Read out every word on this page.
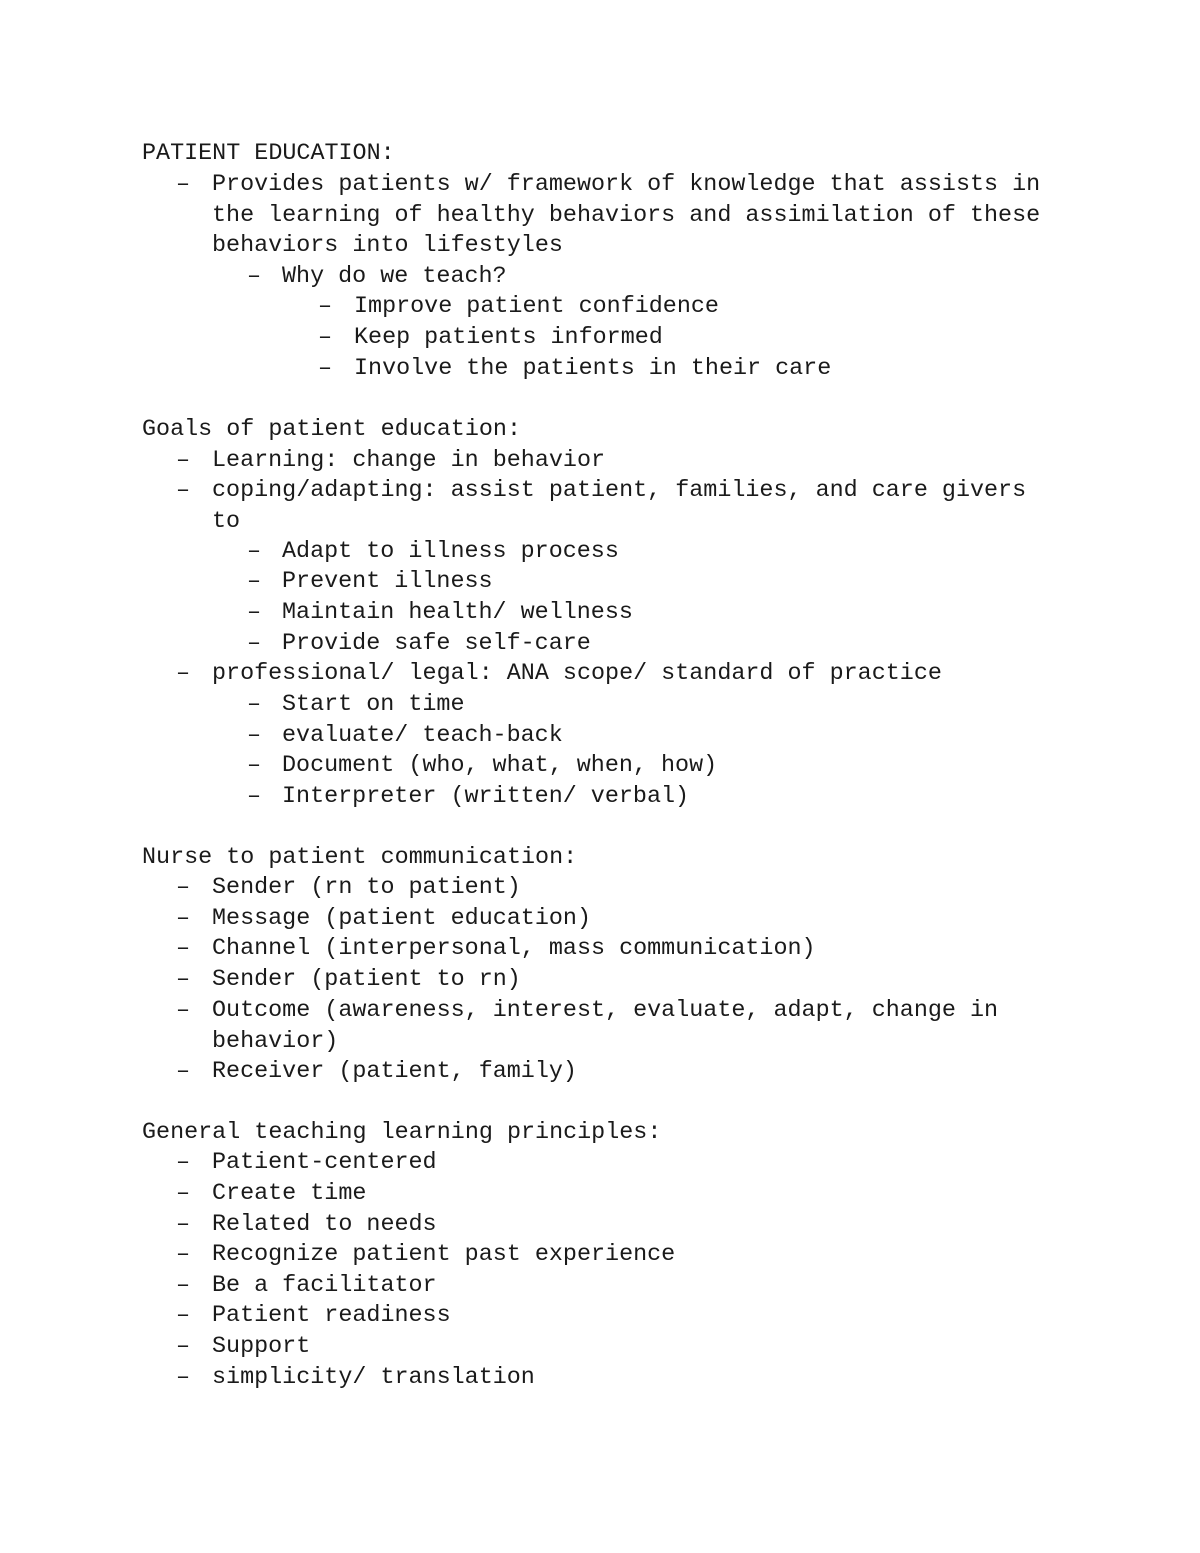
PATIENT EDUCATION:
– Provides patients w/ framework of knowledge that assists in the learning of healthy behaviors and assimilation of these behaviors into lifestyles
– Why do we teach?
– Improve patient confidence
– Keep patients informed
– Involve the patients in their care
Goals of patient education:
– Learning: change in behavior
– coping/adapting: assist patient, families, and care givers to
– Adapt to illness process
– Prevent illness
– Maintain health/ wellness
– Provide safe self-care
– professional/ legal: ANA scope/ standard of practice
– Start on time
– evaluate/ teach-back
– Document (who, what, when, how)
– Interpreter (written/ verbal)
Nurse to patient communication:
– Sender (rn to patient)
– Message (patient education)
– Channel (interpersonal, mass communication)
– Sender (patient to rn)
– Outcome (awareness, interest, evaluate, adapt, change in behavior)
– Receiver (patient, family)
General teaching learning principles:
– Patient-centered
– Create time
– Related to needs
– Recognize patient past experience
– Be a facilitator
– Patient readiness
– Support
– simplicity/ translation
